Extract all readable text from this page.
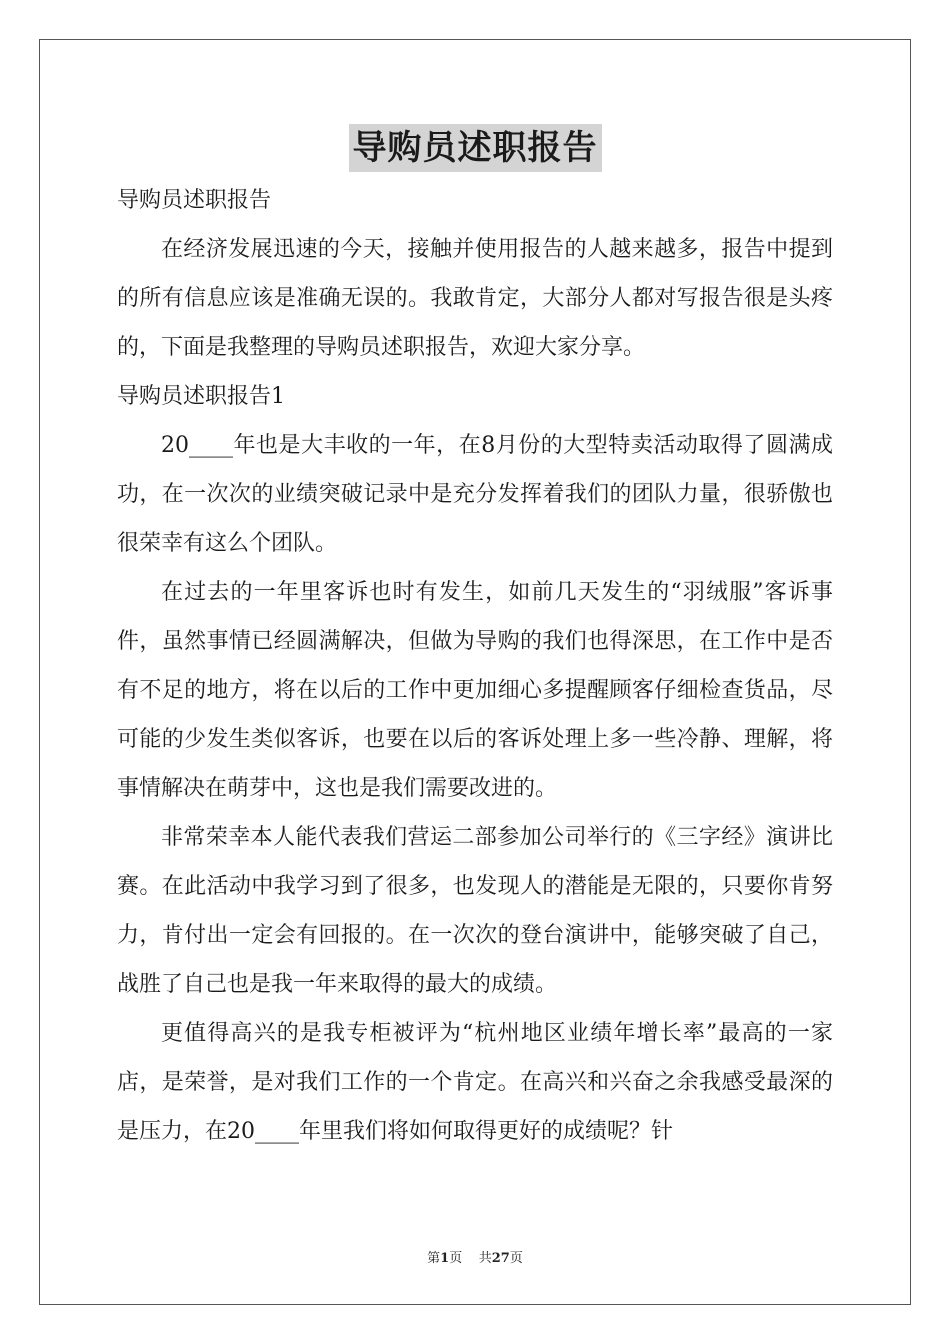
导购员述职报告

导购员述职报告

在经济发展迅速的今天，接触并使用报告的人越来越多，报告中提到的所有信息应该是准确无误的。我敢肯定，大部分人都对写报告很是头疼的，下面是我整理的导购员述职报告，欢迎大家分享。

导购员述职报告1

20____年也是大丰收的一年，在8月份的大型特卖活动取得了圆满成功，在一次次的业绩突破记录中是充分发挥着我们的团队力量，很骄傲也很荣幸有这么个团队。

在过去的一年里客诉也时有发生，如前几天发生的“羽绒服”客诉事件，虽然事情已经圆满解决，但做为导购的我们也得深思，在工作中是否有不足的地方，将在以后的工作中更加细心多提醒顾客仔细检查货品，尽可能的少发生类似客诉，也要在以后的客诉处理上多一些冷静、理解，将事情解决在萌芽中，这也是我们需要改进的。

非常荣幸本人能代表我们营运二部参加公司举行的《三字经》演讲比赛。在此活动中我学习到了很多，也发现人的潜能是无限的，只要你肯努力，肯付出一定会有回报的。在一次次的登台演讲中，能够突破了自己，战胜了自己也是我一年来取得的最大的成绩。

更值得高兴的是我专柜被评为“杭州地区业绩年增长率”最高的一家店，是荣誉，是对我们工作的一个肯定。在高兴和兴奋之余我感受最深的是压力，在20____年里我们将如何取得更好的成绩呢？针

第1页 共27页
